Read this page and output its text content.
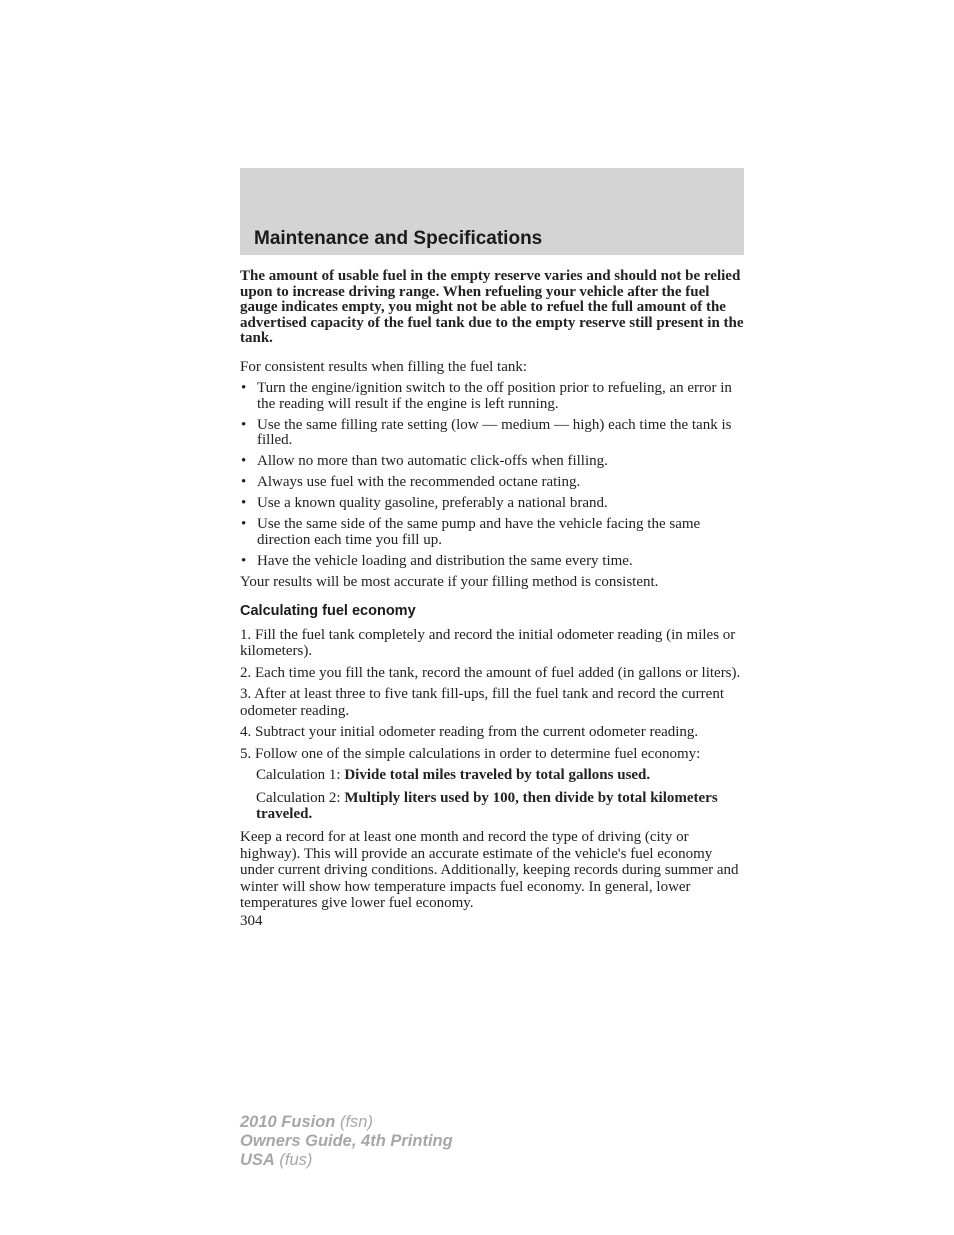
Maintenance and Specifications

The amount of usable fuel in the empty reserve varies and should not be relied upon to increase driving range. When refueling your vehicle after the fuel gauge indicates empty, you might not be able to refuel the full amount of the advertised capacity of the fuel tank due to the empty reserve still present in the tank.

For consistent results when filling the fuel tank:

• Turn the engine/ignition switch to the off position prior to refueling, an error in the reading will result if the engine is left running.
• Use the same filling rate setting (low — medium — high) each time the tank is filled.
• Allow no more than two automatic click-offs when filling.
• Always use fuel with the recommended octane rating.
• Use a known quality gasoline, preferably a national brand.
• Use the same side of the same pump and have the vehicle facing the same direction each time you fill up.
• Have the vehicle loading and distribution the same every time.

Your results will be most accurate if your filling method is consistent.

Calculating fuel economy

1. Fill the fuel tank completely and record the initial odometer reading (in miles or kilometers).

2. Each time you fill the tank, record the amount of fuel added (in gallons or liters).

3. After at least three to five tank fill-ups, fill the fuel tank and record the current odometer reading.

4. Subtract your initial odometer reading from the current odometer reading.

5. Follow one of the simple calculations in order to determine fuel economy:

Calculation 1: Divide total miles traveled by total gallons used.

Calculation 2: Multiply liters used by 100, then divide by total kilometers traveled.

Keep a record for at least one month and record the type of driving (city or highway). This will provide an accurate estimate of the vehicle's fuel economy under current driving conditions. Additionally, keeping records during summer and winter will show how temperature impacts fuel economy. In general, lower temperatures give lower fuel economy.

304

2010 Fusion (fsn)
Owners Guide, 4th Printing
USA (fus)
